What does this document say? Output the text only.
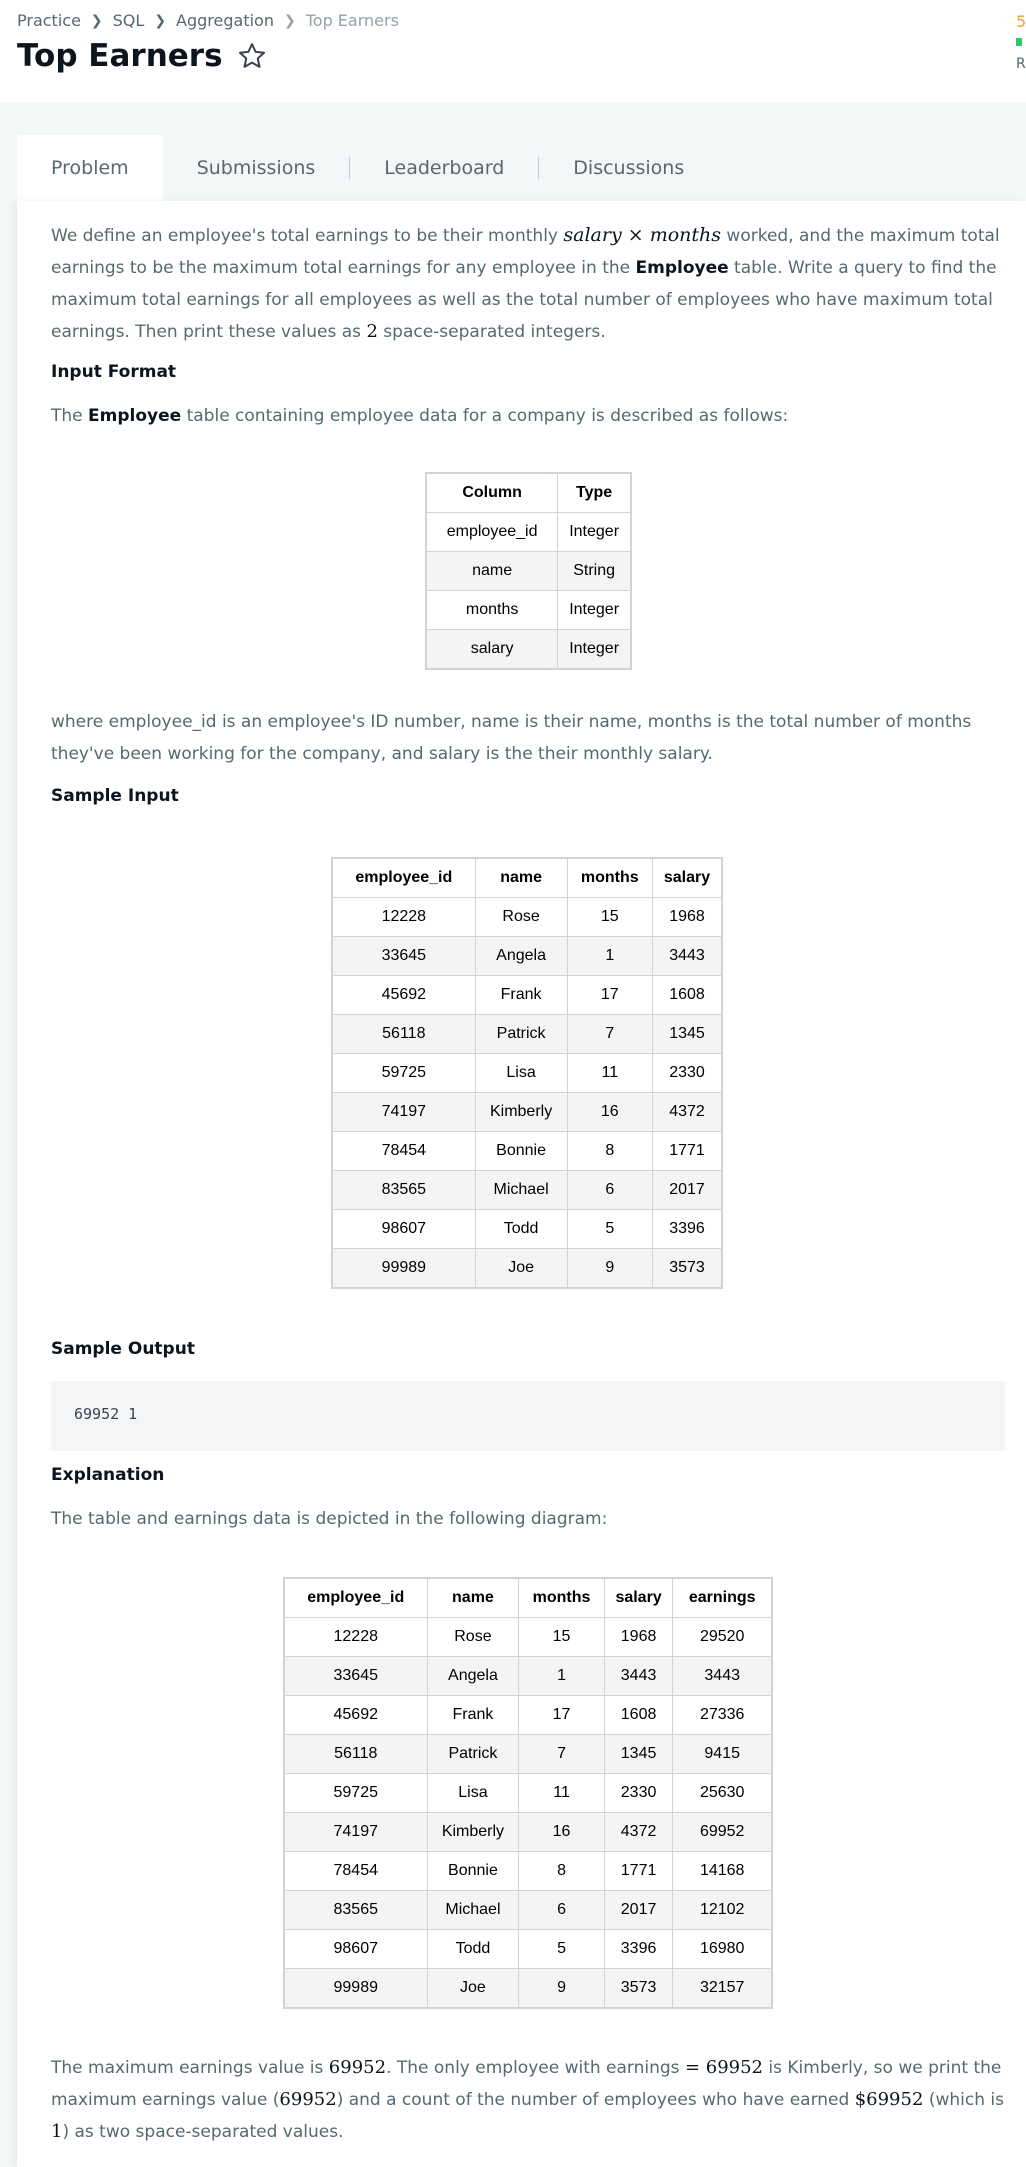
Practice ❯ SQL ❯ Aggregation ❯ Top Earners
Top Earners
5
R
Problem	Submissions	Leaderboard	Discussions

We define an employee's total earnings to be their monthly salary × months worked, and the maximum total earnings to be the maximum total earnings for any employee in the Employee table. Write a query to find the maximum total earnings for all employees as well as the total number of employees who have maximum total earnings. Then print these values as 2 space-separated integers.

Input Format

The Employee table containing employee data for a company is described as follows:

Column	Type
employee_id	Integer
name	String
months	Integer
salary	Integer

where employee_id is an employee's ID number, name is their name, months is the total number of months they've been working for the company, and salary is the their monthly salary.

Sample Input
employee_id	name	months	salary
12228	Rose	15	1968
33645	Angela	1	3443
45692	Frank	17	1608
56118	Patrick	7	1345
59725	Lisa	11	2330
74197	Kimberly	16	4372
78454	Bonnie	8	1771
83565	Michael	6	2017
98607	Todd	5	3396
99989	Joe	9	3573
Sample Output
69952 1
Explanation

The table and earnings data is depicted in the following diagram:

employee_id	name	months	salary	earnings
12228	Rose	15	1968	29520
33645	Angela	1	3443	3443
45692	Frank	17	1608	27336
56118	Patrick	7	1345	9415
59725	Lisa	11	2330	25630
74197	Kimberly	16	4372	69952
78454	Bonnie	8	1771	14168
83565	Michael	6	2017	12102
98607	Todd	5	3396	16980
99989	Joe	9	3573	32157

The maximum earnings value is 69952. The only employee with earnings = 69952 is Kimberly, so we print the maximum earnings value (69952) and a count of the number of employees who have earned $69952 (which is 1) as two space-separated values.
